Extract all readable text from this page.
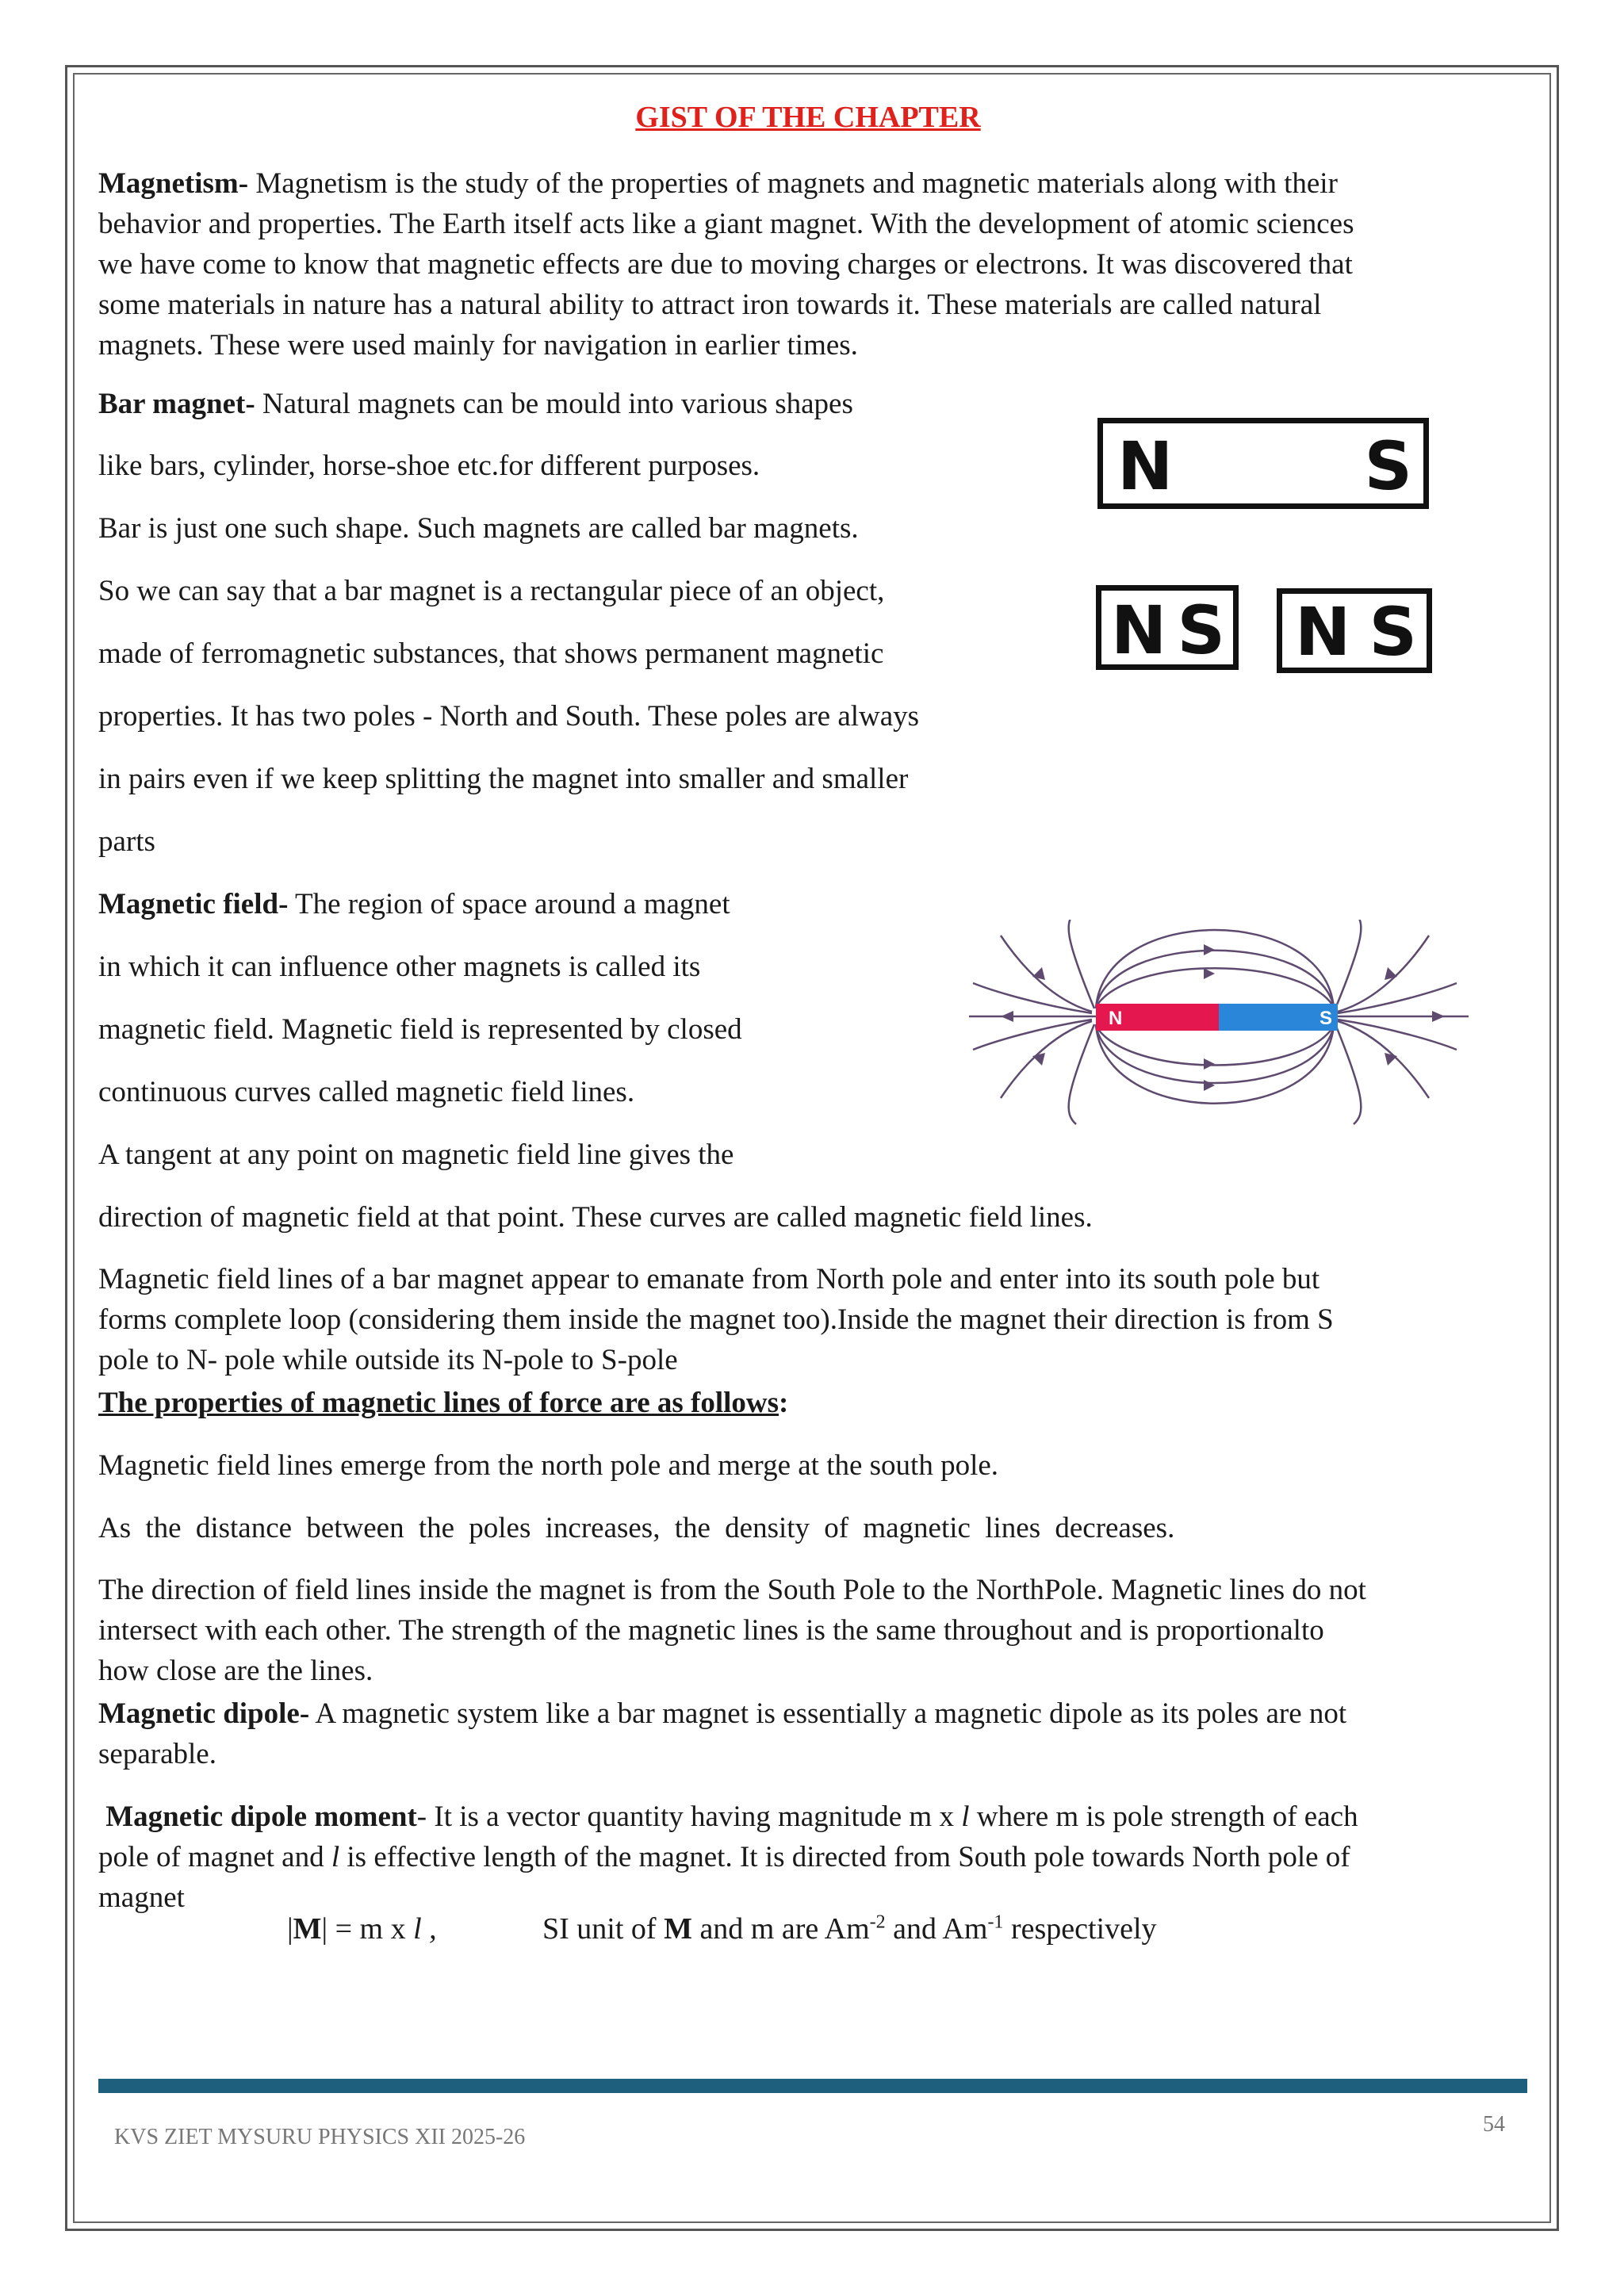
GIST OF THE CHAPTER
Magnetism- Magnetism is the study of the properties of magnets and magnetic materials along with their
behavior and properties. The Earth itself acts like a giant magnet. With the development of atomic sciences
we have come to know that magnetic effects are due to moving charges or electrons. It was discovered that
some materials in nature has a natural ability to attract iron towards it. These materials are called natural
magnets. These were used mainly for navigation in earlier times.
Bar magnet- Natural magnets can be mould into various shapes
like bars, cylinder, horse-shoe etc.for different purposes.
Bar is just one such shape. Such magnets are called bar magnets.
So we can say that a bar magnet is a rectangular piece of an object,
made of ferromagnetic substances, that shows permanent magnetic
properties. It has two poles - North and South. These poles are always
in pairs even if we keep splitting the magnet into smaller and smaller
parts
Magnetic field- The region of space around a magnet
in which it can influence other magnets is called its
magnetic field. Magnetic field is represented by closed
continuous curves called magnetic field lines.
A tangent at any point on magnetic field line gives the
direction of magnetic field at that point. These curves are called magnetic field lines.
Magnetic field lines of a bar magnet appear to emanate from North pole and enter into its south pole but
forms complete loop (considering them inside the magnet too).Inside the magnet their direction is from S
pole to N- pole while outside its N-pole to S-pole
The properties of magnetic lines of force are as follows:
Magnetic field lines emerge from the north pole and merge at the south pole.
As the distance between the poles increases, the density of magnetic lines decreases.
The direction of field lines inside the magnet is from the South Pole to the NorthPole. Magnetic lines do not
intersect with each other. The strength of the magnetic lines is the same throughout and is proportionalto
how close are the lines.
Magnetic dipole- A magnetic system like a bar magnet is essentially a magnetic dipole as its poles are not
separable.
Magnetic dipole moment- It is a vector quantity having magnitude m x l where m is pole strength of each
pole of magnet and l is effective length of the magnet. It is directed from South pole towards North pole of
magnet
|M| = m x l ,	SI unit of M and m are $Am^{-2}$ and $Am^{-1}$ respectively
N	S
N S N S
N	S
KVS ZIET MYSURU PHYSICS XII 2025-26
54
